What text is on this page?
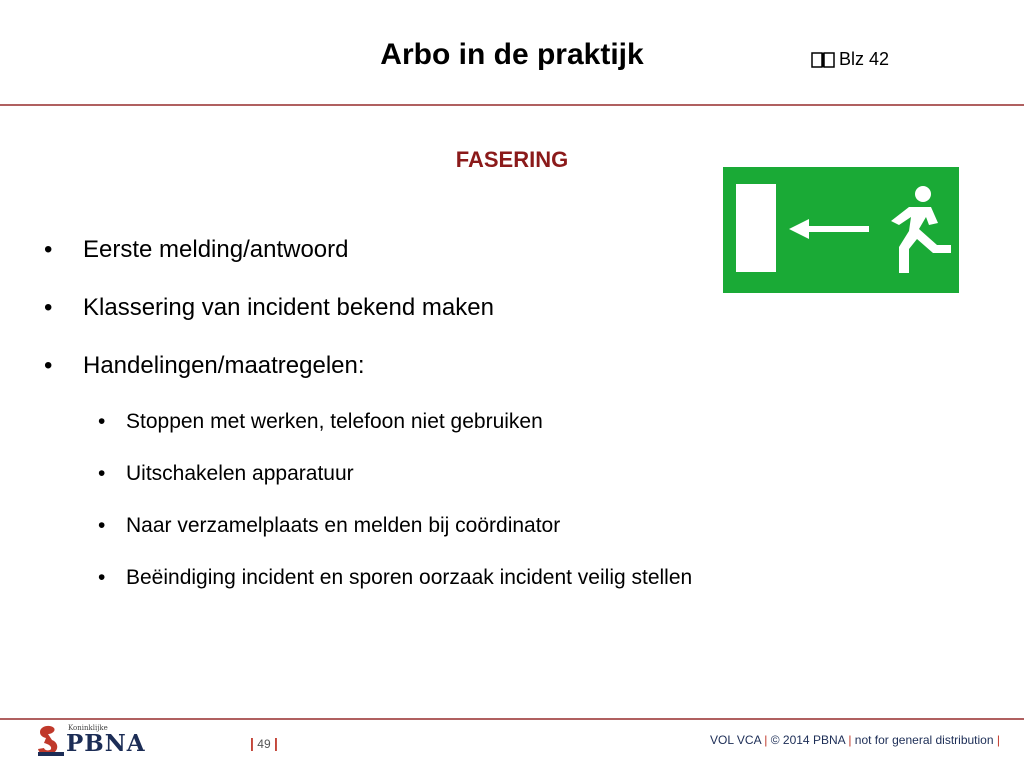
Arbo in de praktijk	Blz 42
FASERING
• Eerste melding/antwoord
• Klassering van incident bekend maken
• Handelingen/maatregelen:
• Stoppen met werken, telefoon niet gebruiken
• Uitschakelen apparatuur
• Naar verzamelplaats en melden bij coördinator
• Beëindiging incident en sporen oorzaak incident veilig stellen
Koninklijke
PBNA	| 49 |	VOL VCA | © 2014 PBNA | not for general distribution |
